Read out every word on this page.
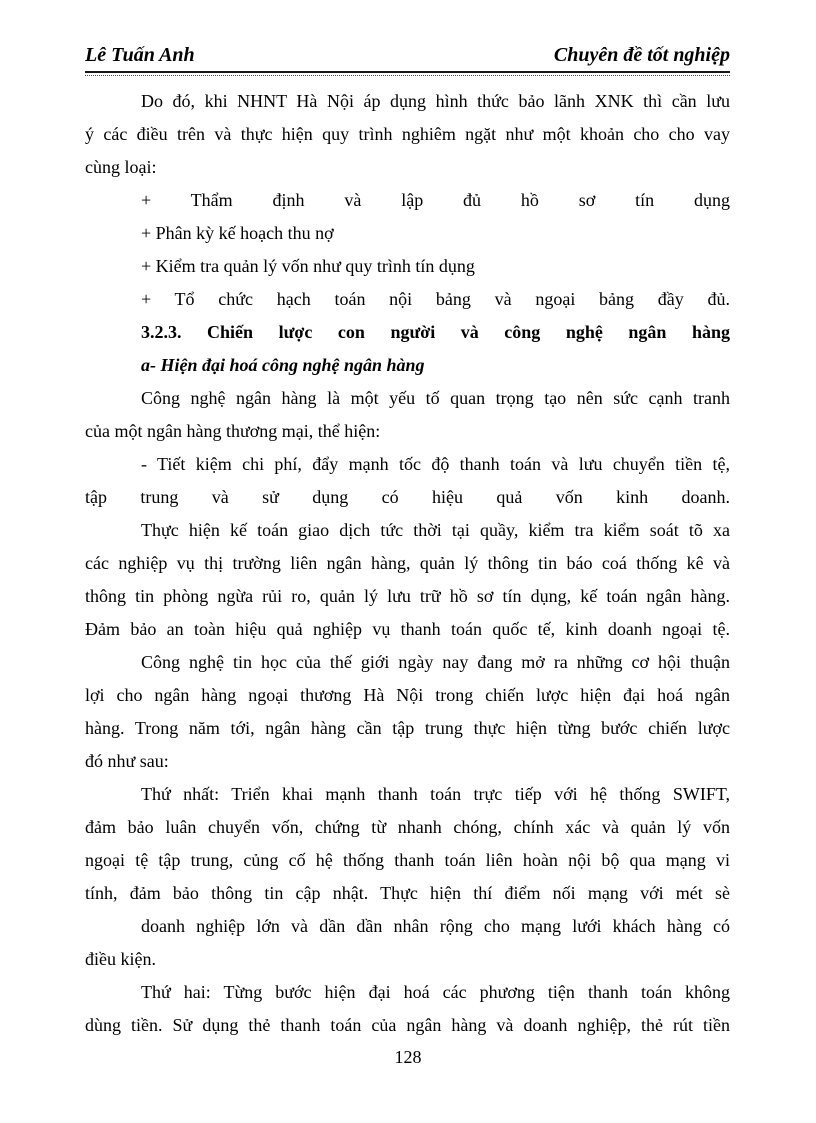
Lê Tuấn Anh	Chuyên đề tốt nghiệp
Do đó, khi NHNT Hà Nội áp dụng hình thức bảo lãnh XNK thì cần lưu
ý các điều trên và thực hiện quy trình nghiêm ngặt như một khoản cho cho vay
cùng loại:
+ Thẩm định và lập đủ hồ sơ tín dụng
+ Phân kỳ kế hoạch thu nợ
+ Kiểm tra quản lý vốn như quy trình tín dụng
+ Tổ chức hạch toán nội bảng và ngoại bảng đầy đủ.
3.2.3. Chiến lược con người và công nghệ ngân hàng
a- Hiện đại hoá công nghệ ngân hàng
Công nghệ ngân hàng là một yếu tố quan trọng tạo nên sức cạnh tranh
của một ngân hàng thương mại, thể hiện:
- Tiết kiệm chi phí, đẩy mạnh tốc độ thanh toán và lưu chuyển tiền tệ,
tập trung và sử dụng có hiệu quả vốn kinh doanh.
Thực hiện kế toán giao dịch tức thời tại quầy, kiểm tra kiểm soát tõ xa
các nghiệp vụ thị trường liên ngân hàng, quản lý thông tin báo coá thống kê và
thông tin phòng ngừa rủi ro, quản lý lưu trữ hồ sơ tín dụng, kế toán ngân hàng.
Đảm bảo an toàn hiệu quả nghiệp vụ thanh toán quốc tế, kinh doanh ngoại tệ.
Công nghệ tin học của thế giới ngày nay đang mở ra những cơ hội thuận
lợi cho ngân hàng ngoại thương Hà Nội trong chiến lược hiện đại hoá ngân
hàng. Trong năm tới, ngân hàng cần tập trung thực hiện từng bước chiến lược
đó như sau:
Thứ nhất: Triển khai mạnh thanh toán trực tiếp với hệ thống SWIFT,
đảm bảo luân chuyển vốn, chứng từ nhanh chóng, chính xác và quản lý vốn
ngoại tệ tập trung, củng cố hệ thống thanh toán liên hoàn nội bộ qua mạng vi
tính, đảm bảo thông tin cập nhật. Thực hiện thí điểm nối mạng với mét sè
doanh nghiệp lớn và dần dần nhân rộng cho mạng lưới khách hàng có
điều kiện.
Thứ hai: Từng bước hiện đại hoá các phương tiện thanh toán không
dùng tiền. Sử dụng thẻ thanh toán của ngân hàng và doanh nghiệp, thẻ rút tiền
128
